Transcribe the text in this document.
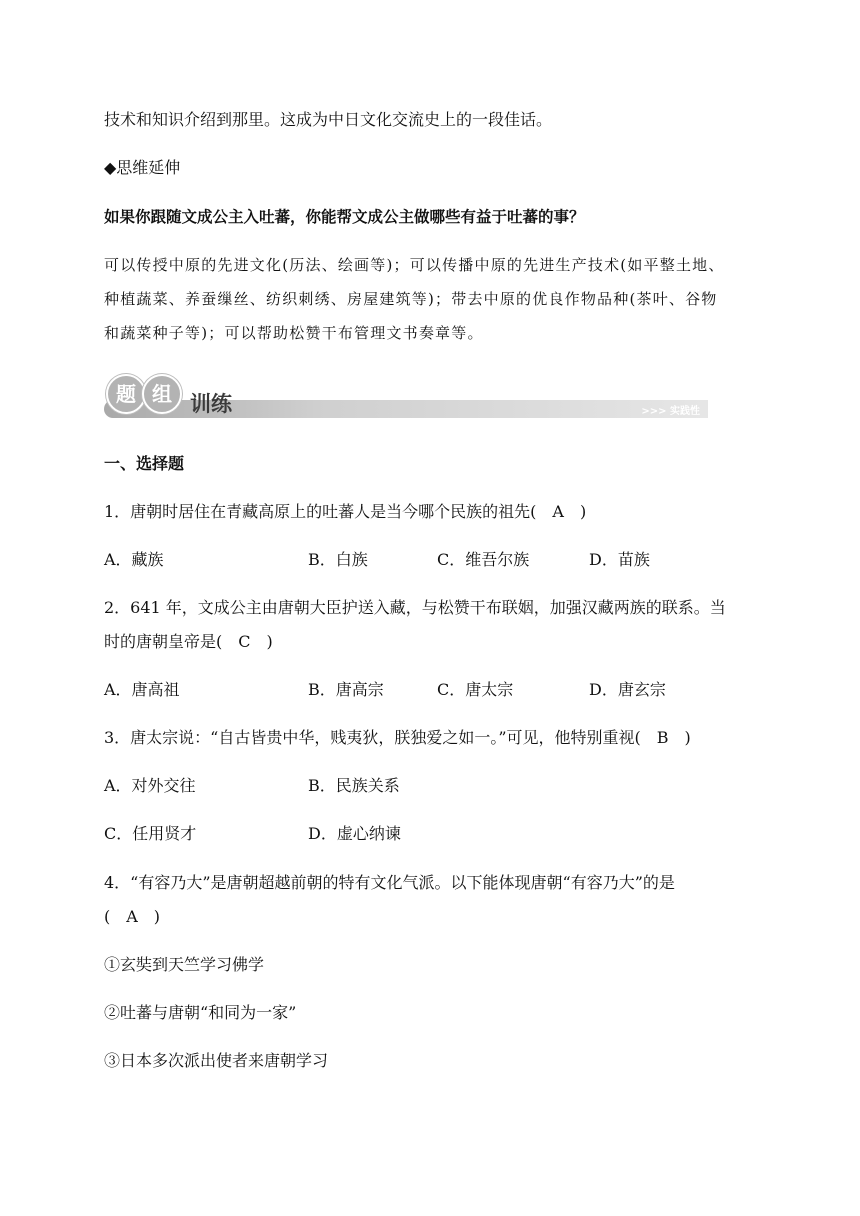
技术和知识介绍到那里。这成为中日文化交流史上的一段佳话。
◆思维延伸
如果你跟随文成公主入吐蕃，你能帮文成公主做哪些有益于吐蕃的事？
可以传授中原的先进文化(历法、绘画等)；可以传播中原的先进生产技术(如平整土地、
种植蔬菜、养蚕缫丝、纺织刺绣、房屋建筑等)；带去中原的优良作物品种(茶叶、谷物
和蔬菜种子等)；可以帮助松赞干布管理文书奏章等。
题 组 训练	>>> 实践性
一、选择题
1．唐朝时居住在青藏高原上的吐蕃人是当今哪个民族的祖先(　A　)
A．藏族	B．白族	C．维吾尔族	D．苗族
2．641 年，文成公主由唐朝大臣护送入藏，与松赞干布联姻，加强汉藏两族的联系。当
时的唐朝皇帝是(　C　)
A．唐高祖	B．唐高宗	C．唐太宗	D．唐玄宗
3．唐太宗说：“自古皆贵中华，贱夷狄，朕独爱之如一。”可见，他特别重视(　B　)
A．对外交往	B．民族关系
C．任用贤才	D．虚心纳谏
4．“有容乃大”是唐朝超越前朝的特有文化气派。以下能体现唐朝“有容乃大”的是
(　A　)
①玄奘到天竺学习佛学
②吐蕃与唐朝“和同为一家”
③日本多次派出使者来唐朝学习
